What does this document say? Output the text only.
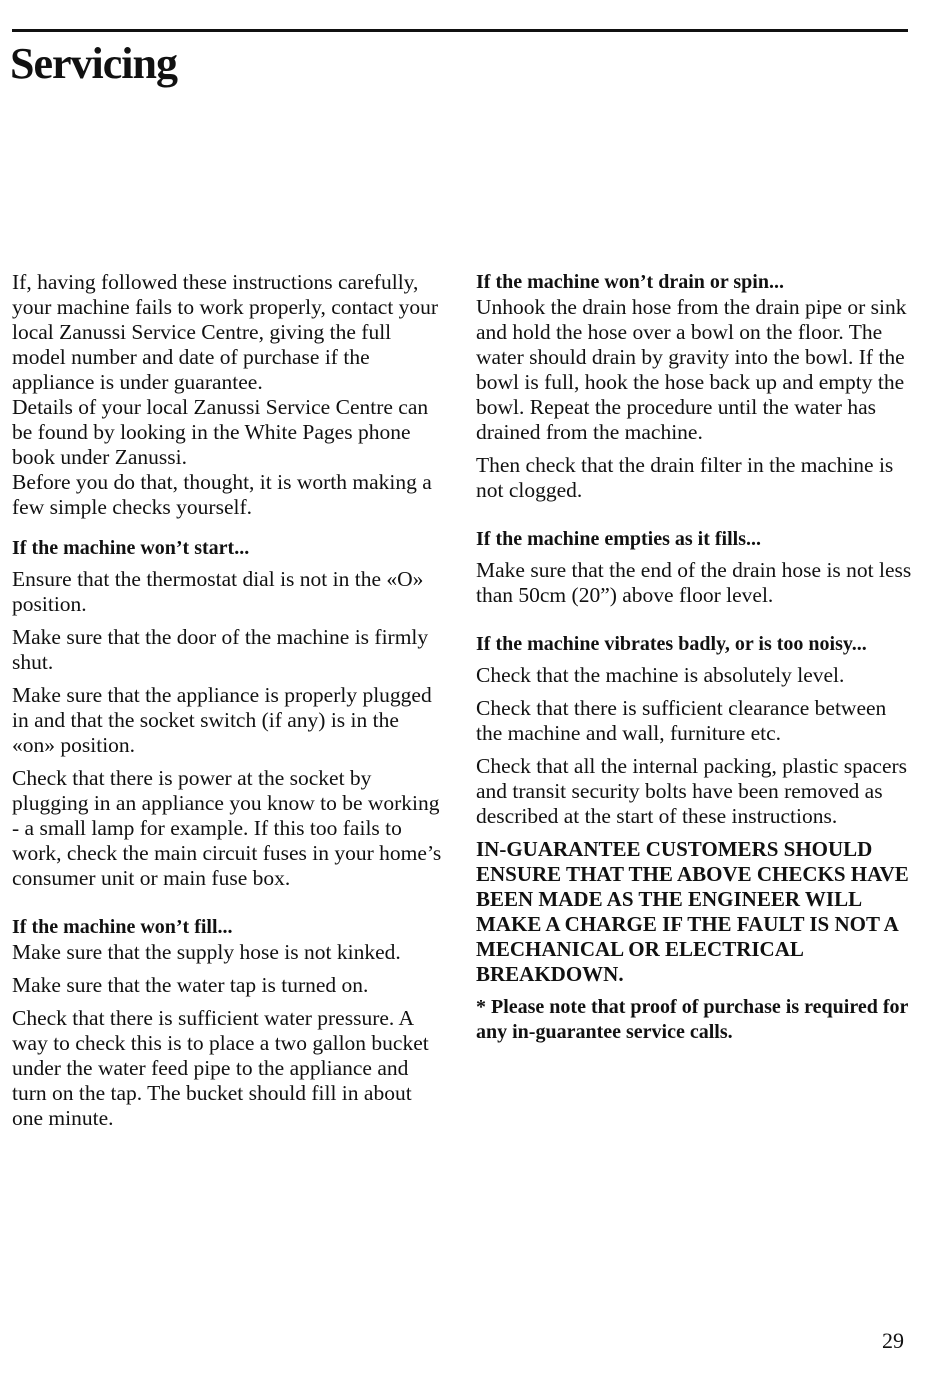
Servicing

If, having followed these instructions carefully, your machine fails to work properly, contact your local Zanussi Service Centre, giving the full model number and date of purchase if the appliance is under guarantee.

Details of your local Zanussi Service Centre can be found by looking in the White Pages phone book under Zanussi.

Before you do that, thought, it is worth making a few simple checks yourself.

If the machine won’t start...

Ensure that the thermostat dial is not in the «O» position.

Make sure that the door of the machine is firmly shut.

Make sure that the appliance is properly plugged in and that the socket switch (if any) is in the «on» position.

Check that there is power at the socket by plugging in an appliance you know to be working - a small lamp for example. If this too fails to work, check the main circuit fuses in your home’s consumer unit or main fuse box.

If the machine won’t fill...

Make sure that the supply hose is not kinked.

Make sure that the water tap is turned on.

Check that there is sufficient water pressure. A way to check this is to place a two gallon bucket under the water feed pipe to the appliance and turn on the tap. The bucket should fill in about one minute.

If the machine won’t drain or spin...

Unhook the drain hose from the drain pipe or sink and hold the hose over a bowl on the floor. The water should drain by gravity into the bowl. If the bowl is full, hook the hose back up and empty the bowl. Repeat the procedure until the water has drained from the machine.

Then check that the drain filter in the machine is not clogged.

If the machine empties as it fills...

Make sure that the end of the drain hose is not less than 50cm (20”) above floor level.

If the machine vibrates badly, or is too noisy...

Check that the machine is absolutely level.

Check that there is sufficient clearance between the machine and wall, furniture etc.

Check that all the internal packing, plastic spacers and transit security bolts have been removed as described at the start of these instructions.

IN-GUARANTEE CUSTOMERS SHOULD ENSURE THAT THE ABOVE CHECKS HAVE BEEN MADE AS THE ENGINEER WILL MAKE A CHARGE IF THE FAULT IS NOT A MECHANICAL OR ELECTRICAL BREAKDOWN.

* Please note that proof of purchase is required for any in-guarantee service calls.

29
